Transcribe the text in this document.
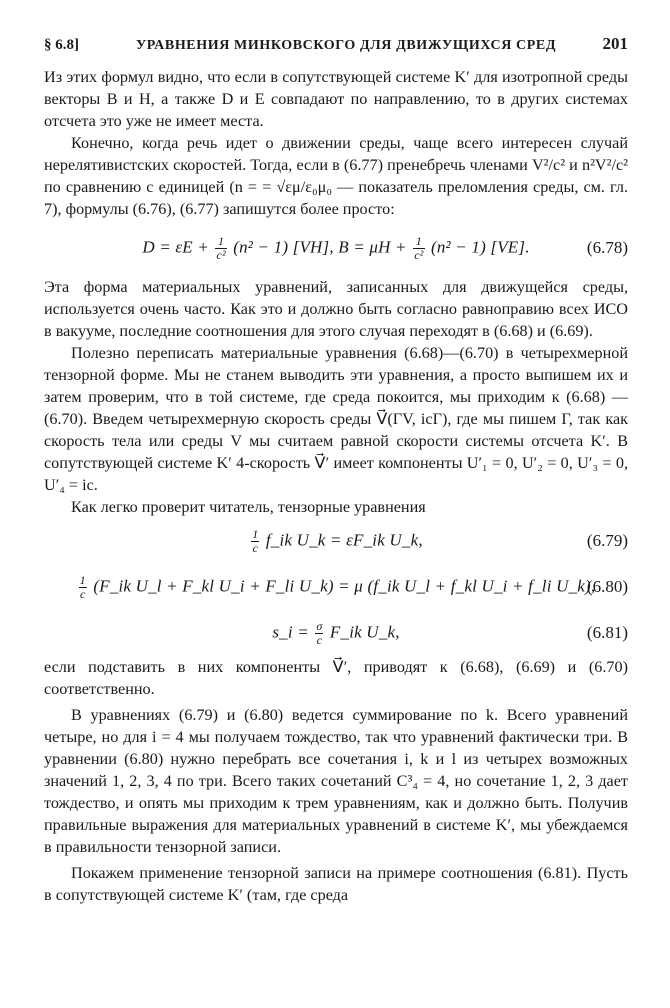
§ 6.8]	УРАВНЕНИЯ МИНКОВСКОГО ДЛЯ ДВИЖУЩИХСЯ СРЕД	201

Из этих формул видно, что если в сопутствующей системе K′ для изотропной среды векторы B и H, а также D и E совпадают по направлению, то в других системах отсчета это уже не имеет места.

Конечно, когда речь идет о движении среды, чаще всего интересен случай нерелятивистских скоростей. Тогда, если в (6.77) пренебречь членами V²/c² и n²V²/c² по сравнению с единицей (n = = √εμ/ε₀μ₀ — показатель преломления среды, см. гл. 7), формулы (6.76), (6.77) запишутся более просто:

$D = \varepsilon E + \frac{1}{\text{c²}} (n^2 - 1)$ [VH], $B = \mu H + \frac{1}{\text{c²}} (n^2 - 1)$ [VE].	(6.78)

Эта форма материальных уравнений, записанных для движущейся среды, используется очень часто. Как это и должно быть согласно равноправию всех ИСО в вакууме, последние соотношения для этого случая переходят в (6.68) и (6.69).

Полезно переписать материальные уравнения (6.68)—(6.70) в четырехмерной тензорной форме. Мы не станем выводить эти уравнения, а просто выпишем их и затем проверим, что в той системе, где среда покоится, мы приходим к (6.68) — (6.70). Введем четырехмерную скорость среды V⃗(ΓV, icΓ), где мы пишем Γ, так как скорость тела или среды V мы считаем равной скорости системы отсчета K′. В сопутствующей системе K′ 4-скорость V⃗′ имеет компоненты U′₁ = 0, U′₂ = 0, U′₃ = 0, U′₄ = ic.

Как легко проверит читатель, тензорные уравнения

$\frac{1}{c}$ f_ik U_k = εF_ik U_k,	(6.79)
$\frac{1}{c}$ (F_ik U_l + F_kl U_i + F_li U_k) = μ (f_ik U_l + f_kl U_i + f_li U_k),
(6.80)
s_i = $\frac{\sigma}{c}$ F_ik U_k,	(6.81)

если подставить в них компоненты V⃗′, приводят к (6.68), (6.69) и (6.70) соответственно.

В уравнениях (6.79) и (6.80) ведется суммирование по k. Всего уравнений четыре, но для i = 4 мы получаем тождество, так что уравнений фактически три. В уравнении (6.80) нужно перебрать все сочетания i, k и l из четырех возможных значений 1, 2, 3, 4 по три. Всего таких сочетаний C³₄ = 4, но сочетание 1, 2, 3 дает тождество, и опять мы приходим к трем уравнениям, как и должно быть. Получив правильные выражения для материальных уравнений в системе K′, мы убеждаемся в правильности тензорной записи.

Покажем применение тензорной записи на примере соотношения (6.81). Пусть в сопутствующей системе K′ (там, где среда
